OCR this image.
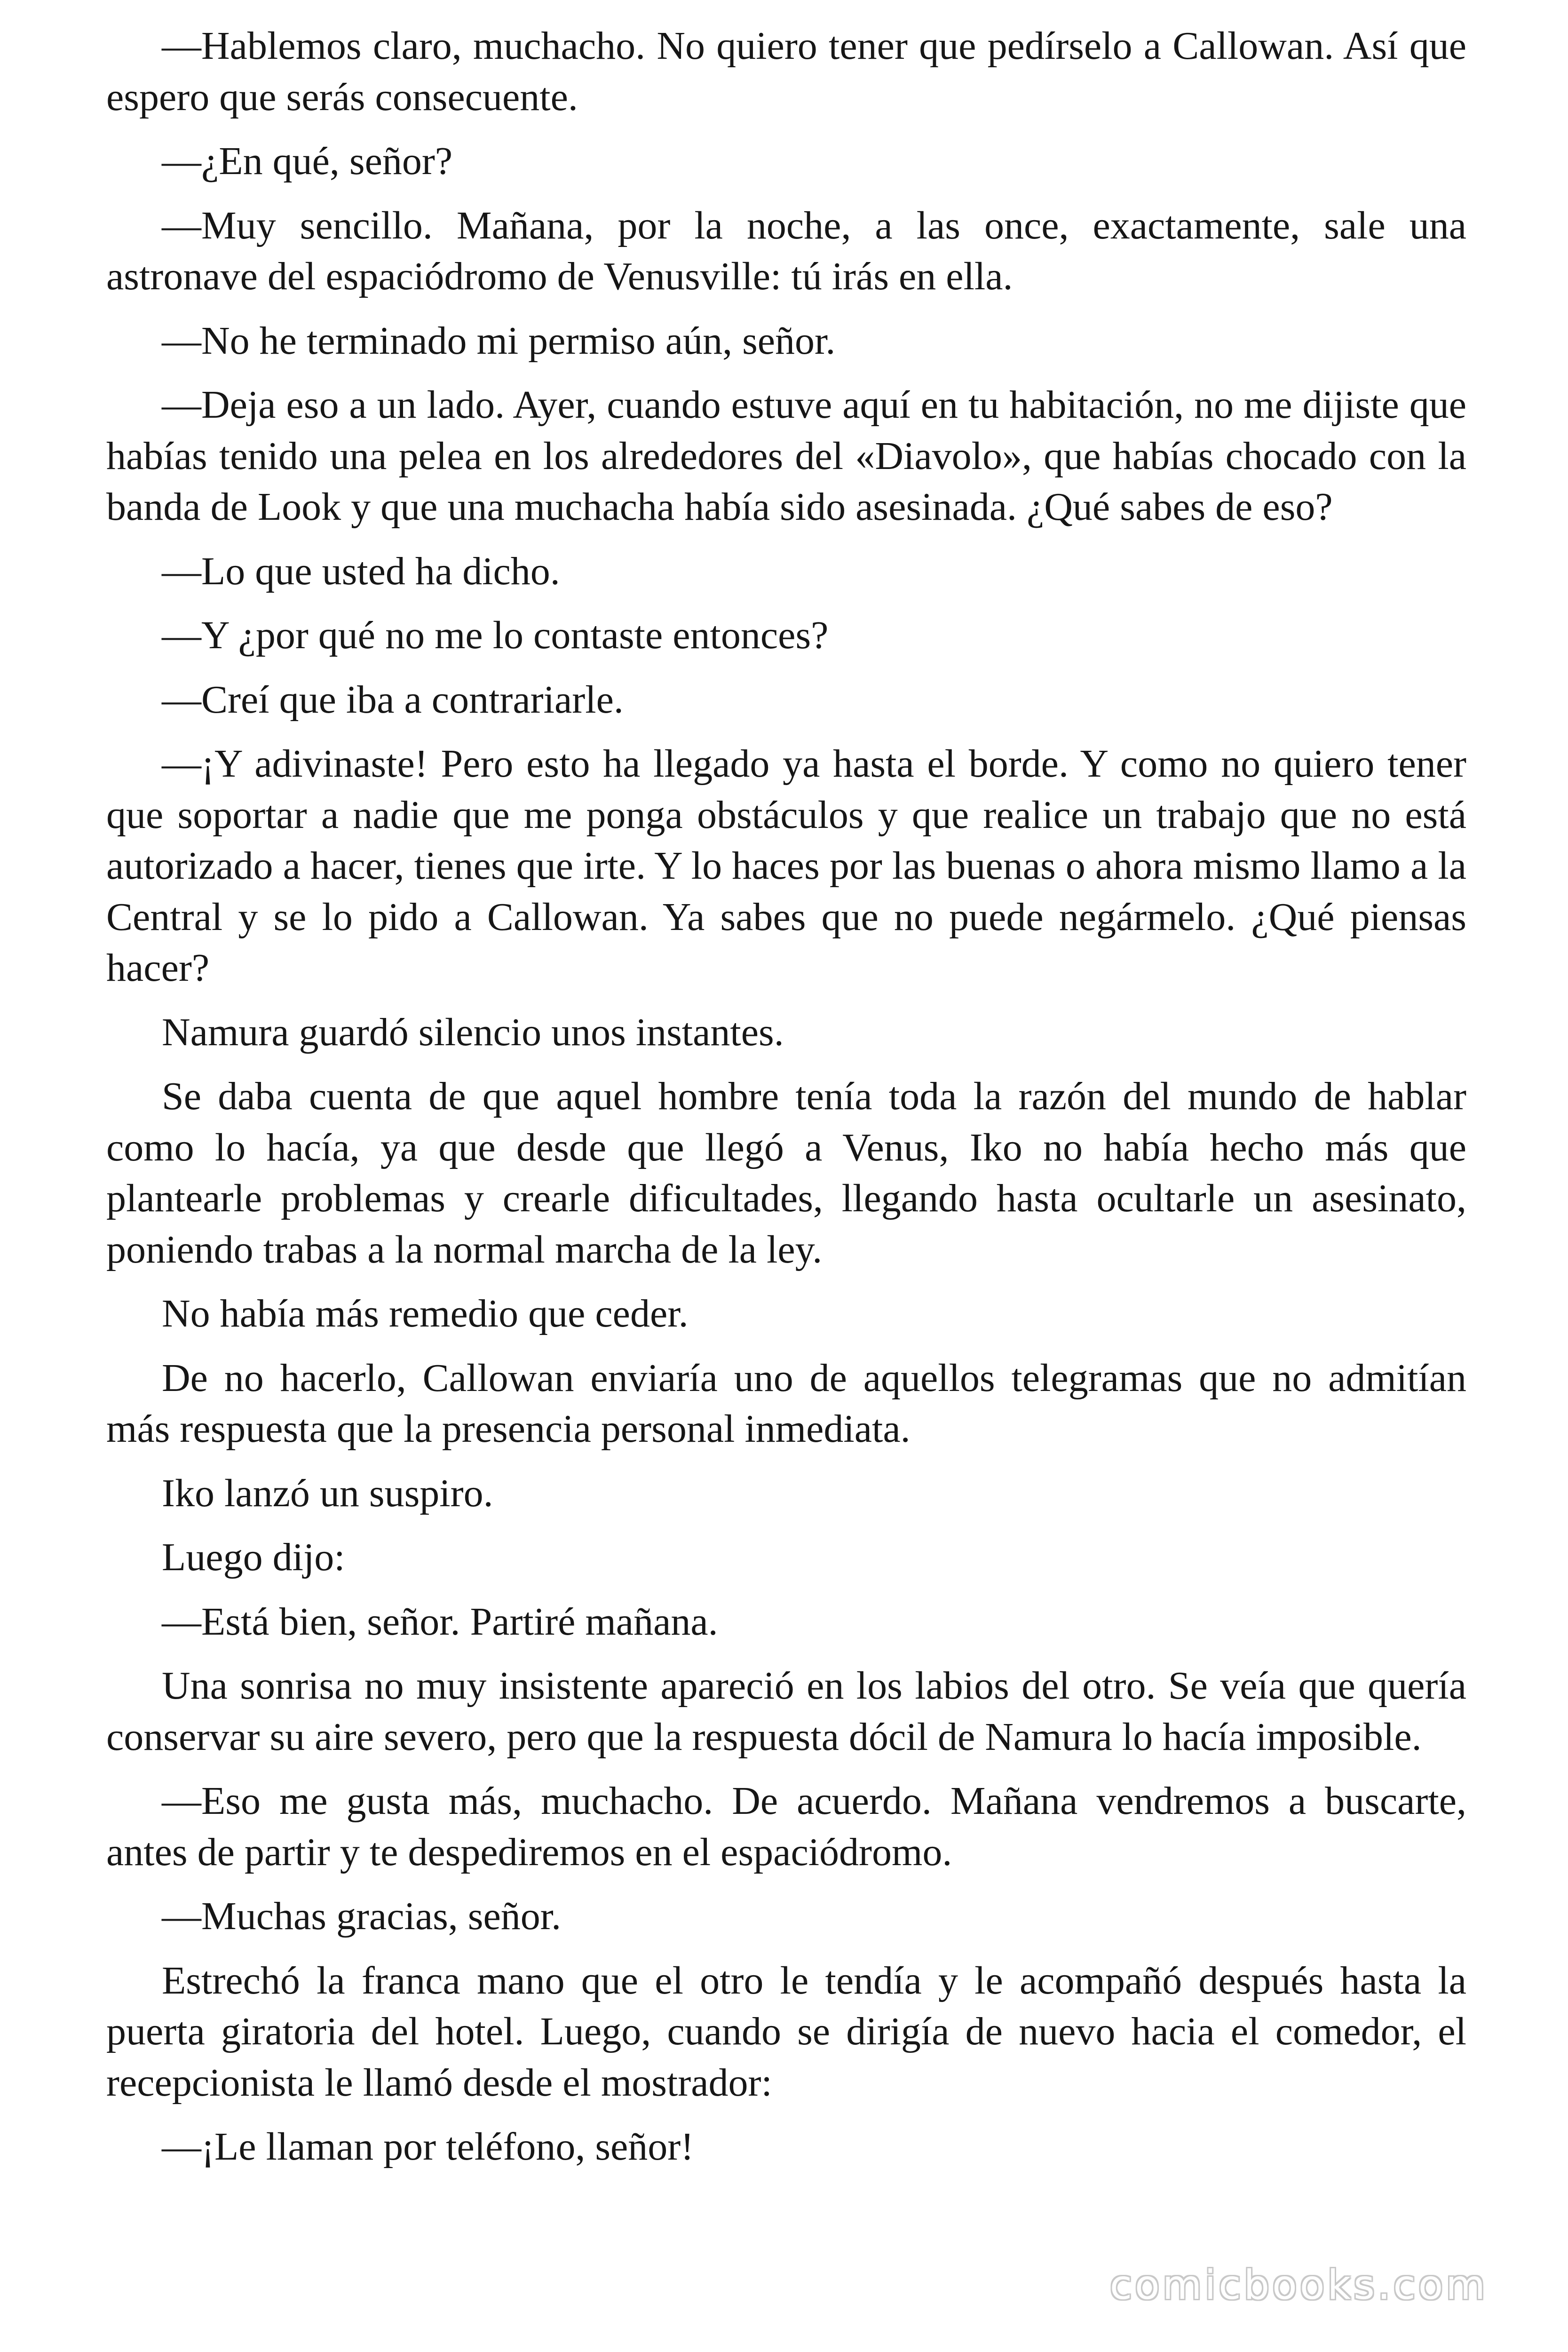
—Hablemos claro, muchacho. No quiero tener que pedírselo a Callowan. Así que espero que serás consecuente.

—¿En qué, señor?

—Muy sencillo. Mañana, por la noche, a las once, exactamente, sale una astronave del espaciódromo de Venusville: tú irás en ella.

—No he terminado mi permiso aún, señor.

—Deja eso a un lado. Ayer, cuando estuve aquí en tu habitación, no me dijiste que habías tenido una pelea en los alrededores del «Diavolo», que habías chocado con la banda de Look y que una muchacha había sido asesinada. ¿Qué sabes de eso?

—Lo que usted ha dicho.

—Y ¿por qué no me lo contaste entonces?

—Creí que iba a contrariarle.

—¡Y adivinaste! Pero esto ha llegado ya hasta el borde. Y como no quiero tener que soportar a nadie que me ponga obstáculos y que realice un trabajo que no está autorizado a hacer, tienes que irte. Y lo haces por las buenas o ahora mismo llamo a la Central y se lo pido a Callowan. Ya sabes que no puede negármelo. ¿Qué piensas hacer?

Namura guardó silencio unos instantes.

Se daba cuenta de que aquel hombre tenía toda la razón del mundo de hablar como lo hacía, ya que desde que llegó a Venus, Iko no había hecho más que plantearle problemas y crearle dificultades, llegando hasta ocultarle un asesinato, poniendo trabas a la normal marcha de la ley.

No había más remedio que ceder.

De no hacerlo, Callowan enviaría uno de aquellos telegramas que no admitían más respuesta que la presencia personal inmediata.

Iko lanzó un suspiro.

Luego dijo:

—Está bien, señor. Partiré mañana.

Una sonrisa no muy insistente apareció en los labios del otro. Se veía que quería conservar su aire severo, pero que la respuesta dócil de Namura lo hacía imposible.

—Eso me gusta más, muchacho. De acuerdo. Mañana vendremos a buscarte, antes de partir y te despediremos en el espaciódromo.

—Muchas gracias, señor.

Estrechó la franca mano que el otro le tendía y le acompañó después hasta la puerta giratoria del hotel. Luego, cuando se dirigía de nuevo hacia el comedor, el recepcionista le llamó desde el mostrador:

—¡Le llaman por teléfono, señor!

comicbooks.com
